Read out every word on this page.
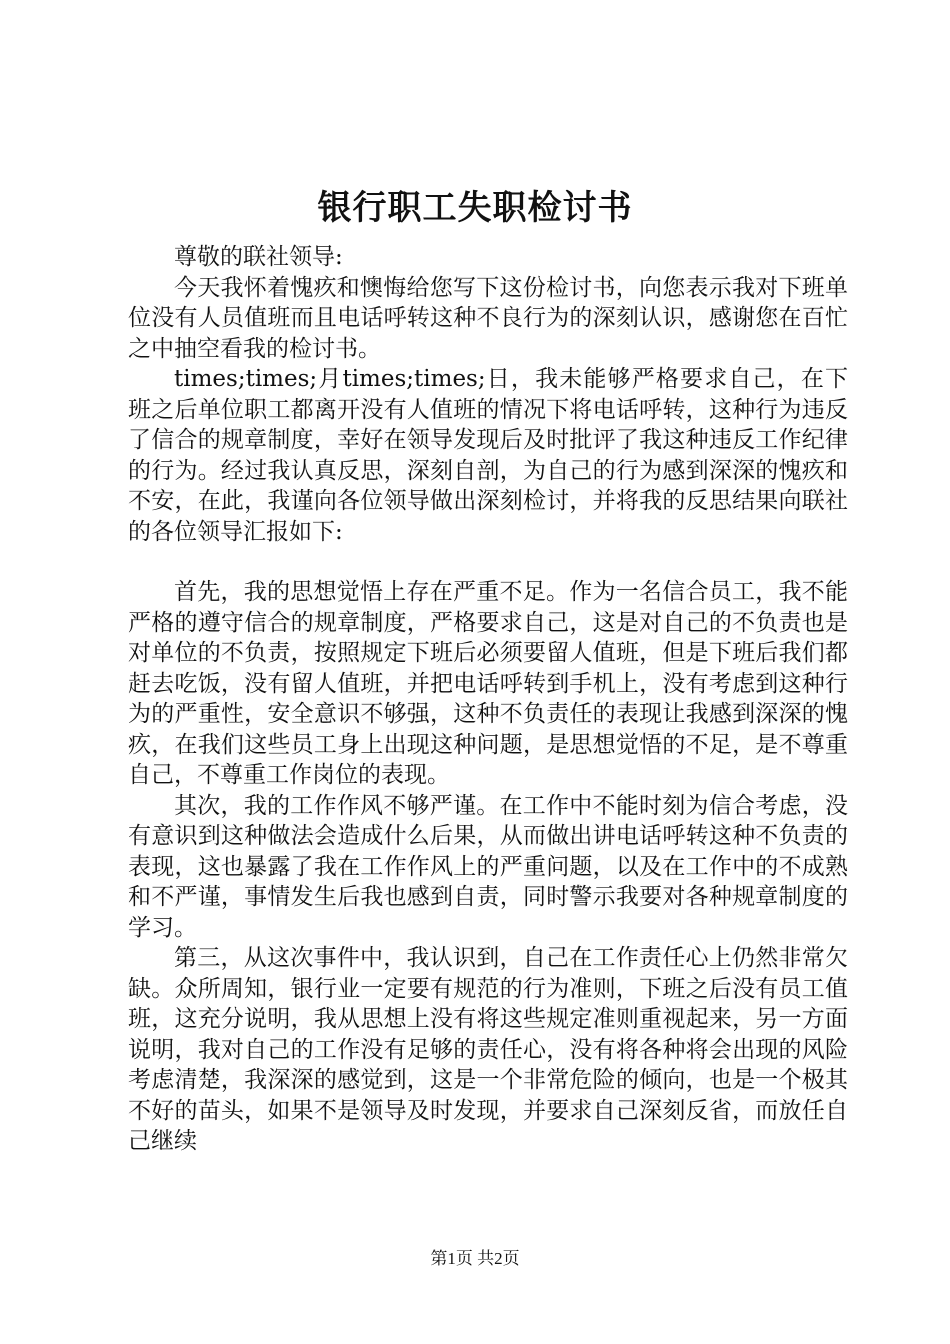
银行职工失职检讨书

尊敬的联社领导:

今天我怀着愧疚和懊悔给您写下这份检讨书，向您表示我对下班单位没有人员值班而且电话呼转这种不良行为的深刻认识，感谢您在百忙之中抽空看我的检讨书。

times;times;月times;times;日，我未能够严格要求自己，在下班之后单位职工都离开没有人值班的情况下将电话呼转，这种行为违反了信合的规章制度，幸好在领导发现后及时批评了我这种违反工作纪律的行为。经过我认真反思，深刻自剖，为自己的行为感到深深的愧疚和不安，在此，我谨向各位领导做出深刻检讨，并将我的反思结果向联社的各位领导汇报如下:

首先，我的思想觉悟上存在严重不足。作为一名信合员工，我不能严格的遵守信合的规章制度，严格要求自己，这是对自己的不负责也是对单位的不负责，按照规定下班后必须要留人值班，但是下班后我们都赶去吃饭，没有留人值班，并把电话呼转到手机上，没有考虑到这种行为的严重性，安全意识不够强，这种不负责任的表现让我感到深深的愧疚，在我们这些员工身上出现这种问题，是思想觉悟的不足，是不尊重自己，不尊重工作岗位的表现。

其次，我的工作作风不够严谨。在工作中不能时刻为信合考虑，没有意识到这种做法会造成什么后果，从而做出讲电话呼转这种不负责的表现，这也暴露了我在工作作风上的严重问题，以及在工作中的不成熟和不严谨，事情发生后我也感到自责，同时警示我要对各种规章制度的学习。

第三，从这次事件中，我认识到，自己在工作责任心上仍然非常欠缺。众所周知，银行业一定要有规范的行为准则，下班之后没有员工值班，这充分说明，我从思想上没有将这些规定准则重视起来，另一方面说明，我对自己的工作没有足够的责任心，没有将各种将会出现的风险考虑清楚，我深深的感觉到，这是一个非常危险的倾向，也是一个极其不好的苗头，如果不是领导及时发现，并要求自己深刻反省，而放任自己继续

第1页 共2页
